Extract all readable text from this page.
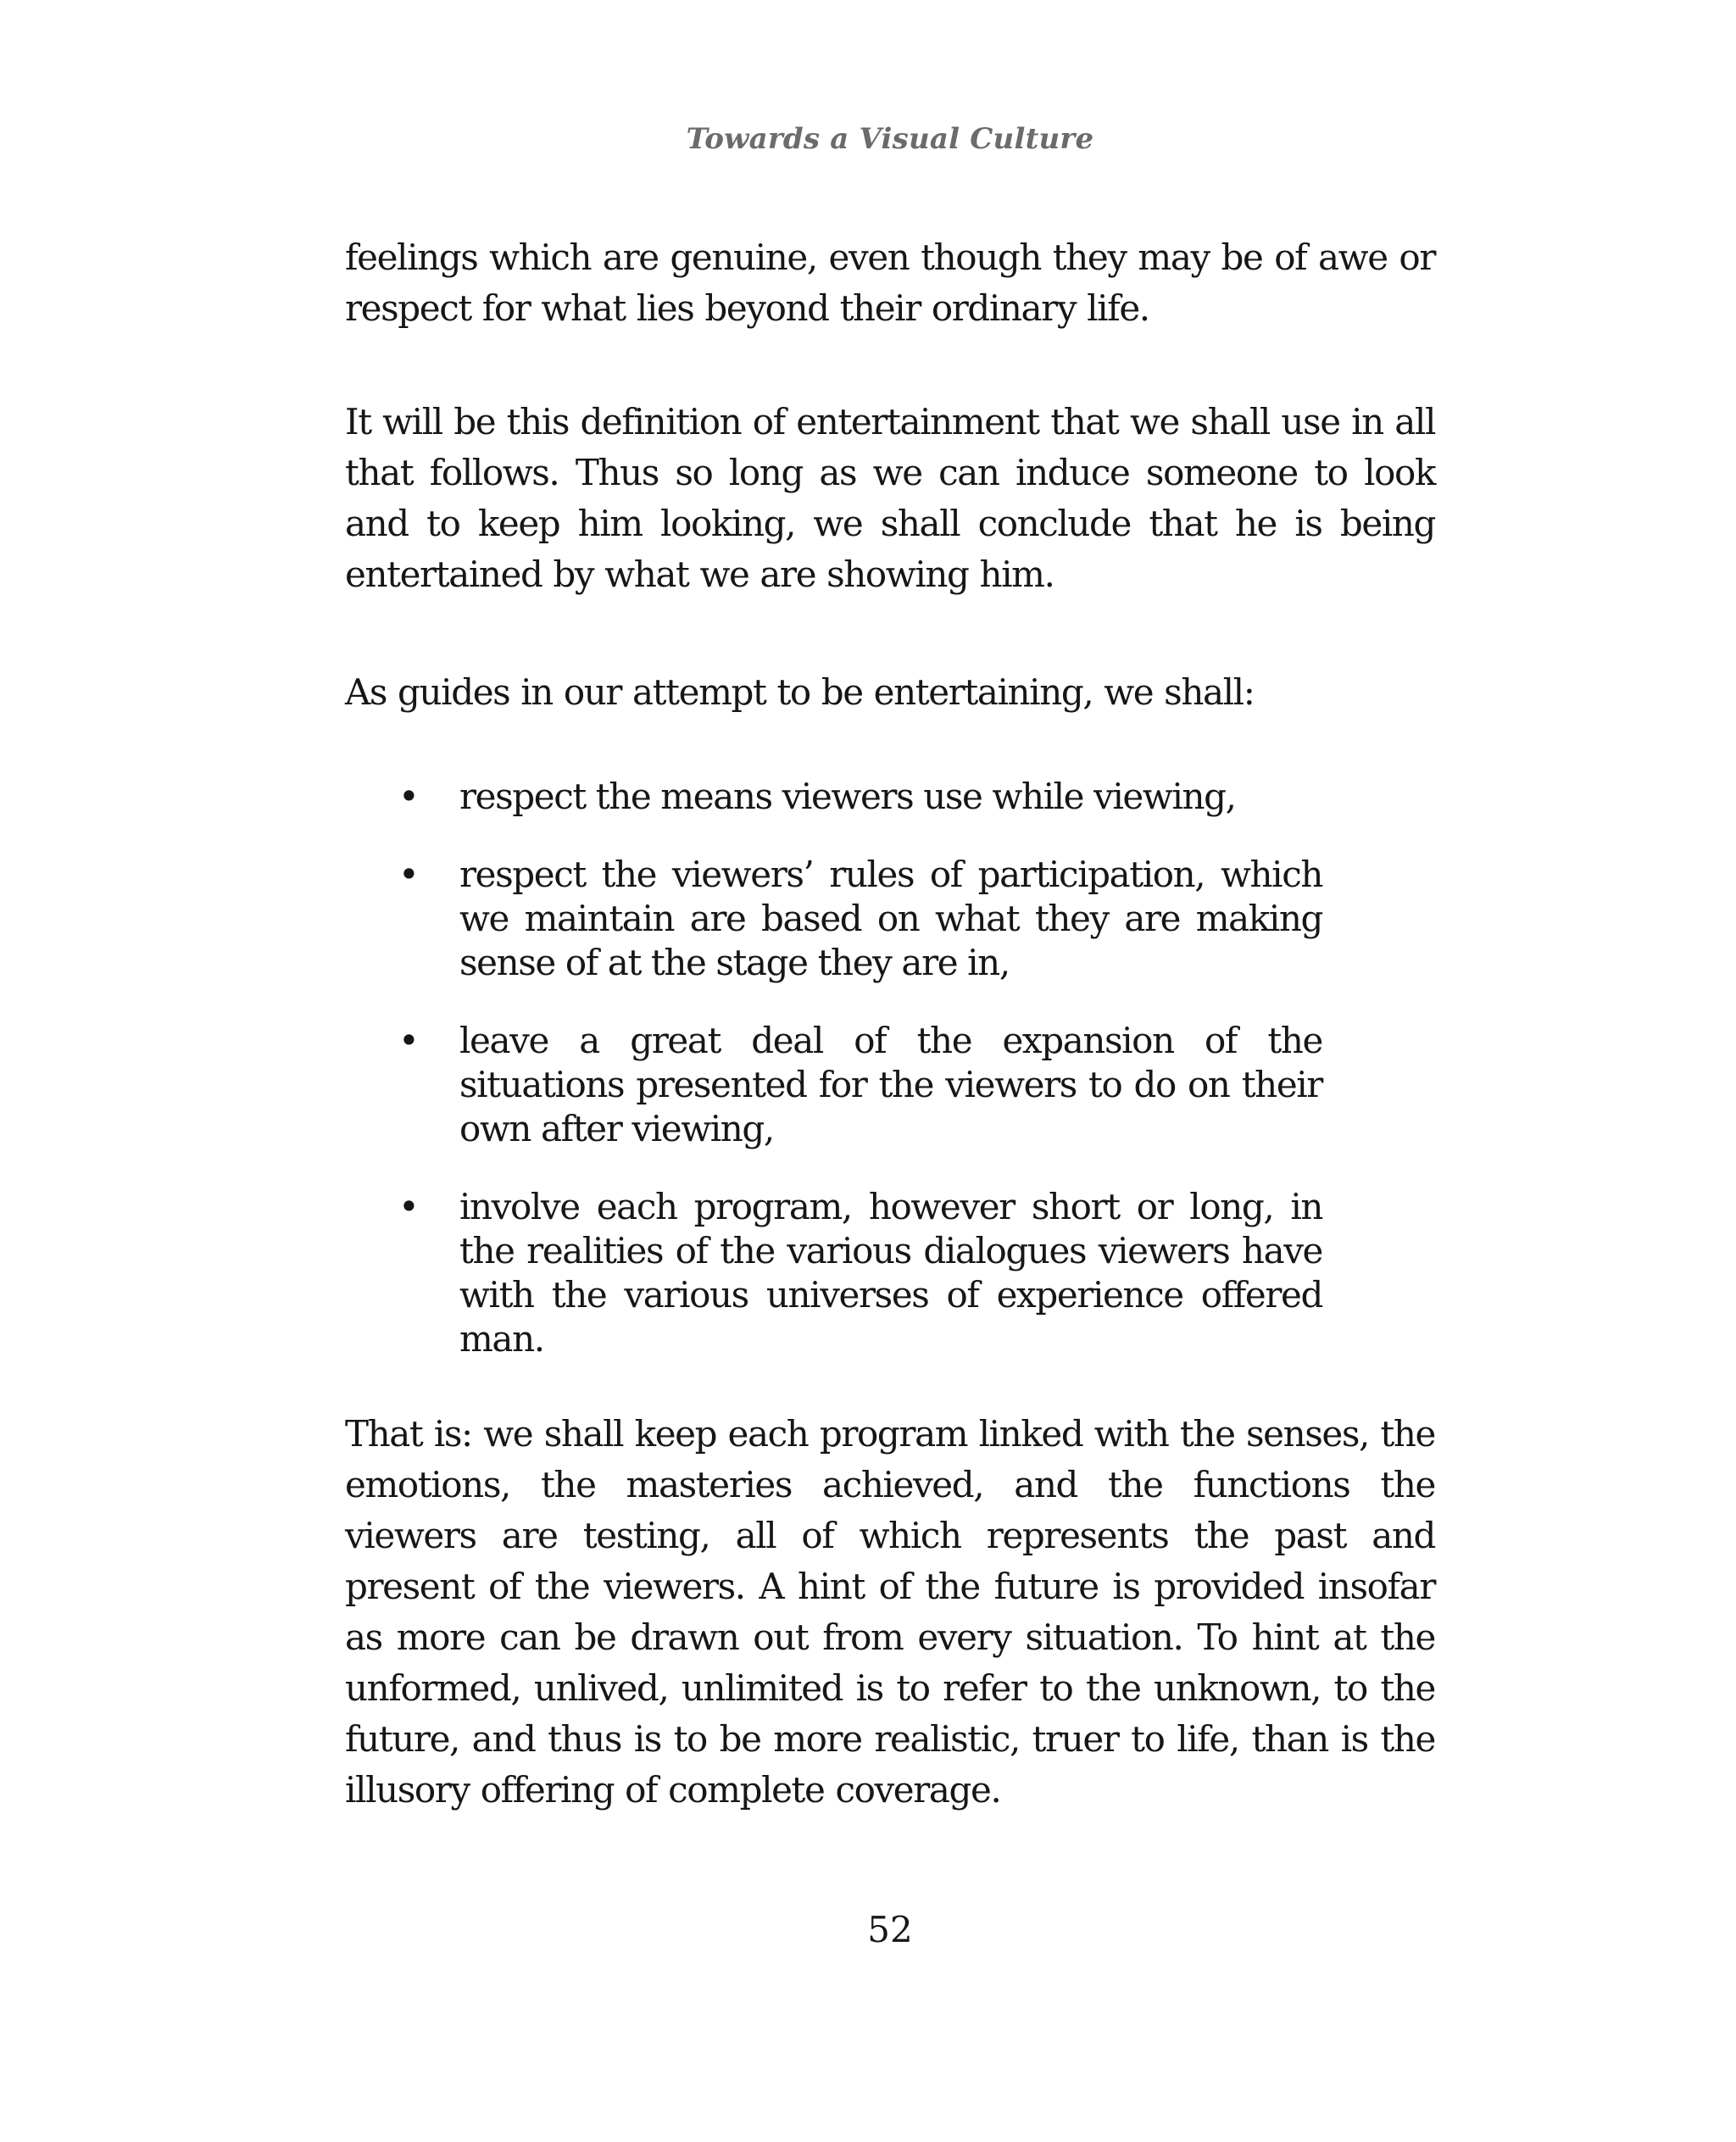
Towards a Visual Culture

feelings which are genuine, even though they may be of awe or respect for what lies beyond their ordinary life.

It will be this definition of entertainment that we shall use in all that follows. Thus so long as we can induce someone to look and to keep him looking, we shall conclude that he is being entertained by what we are showing him.

As guides in our attempt to be entertaining, we shall:

• respect the means viewers use while viewing,
• respect the viewers’ rules of participation, which we maintain are based on what they are making sense of at the stage they are in,
• leave a great deal of the expansion of the situations presented for the viewers to do on their own after viewing,
• involve each program, however short or long, in the realities of the various dialogues viewers have with the various universes of experience offered man.

That is: we shall keep each program linked with the senses, the emotions, the masteries achieved, and the functions the viewers are testing, all of which represents the past and present of the viewers. A hint of the future is provided insofar as more can be drawn out from every situation. To hint at the unformed, unlived, unlimited is to refer to the unknown, to the future, and thus is to be more realistic, truer to life, than is the illusory offering of complete coverage.

52
